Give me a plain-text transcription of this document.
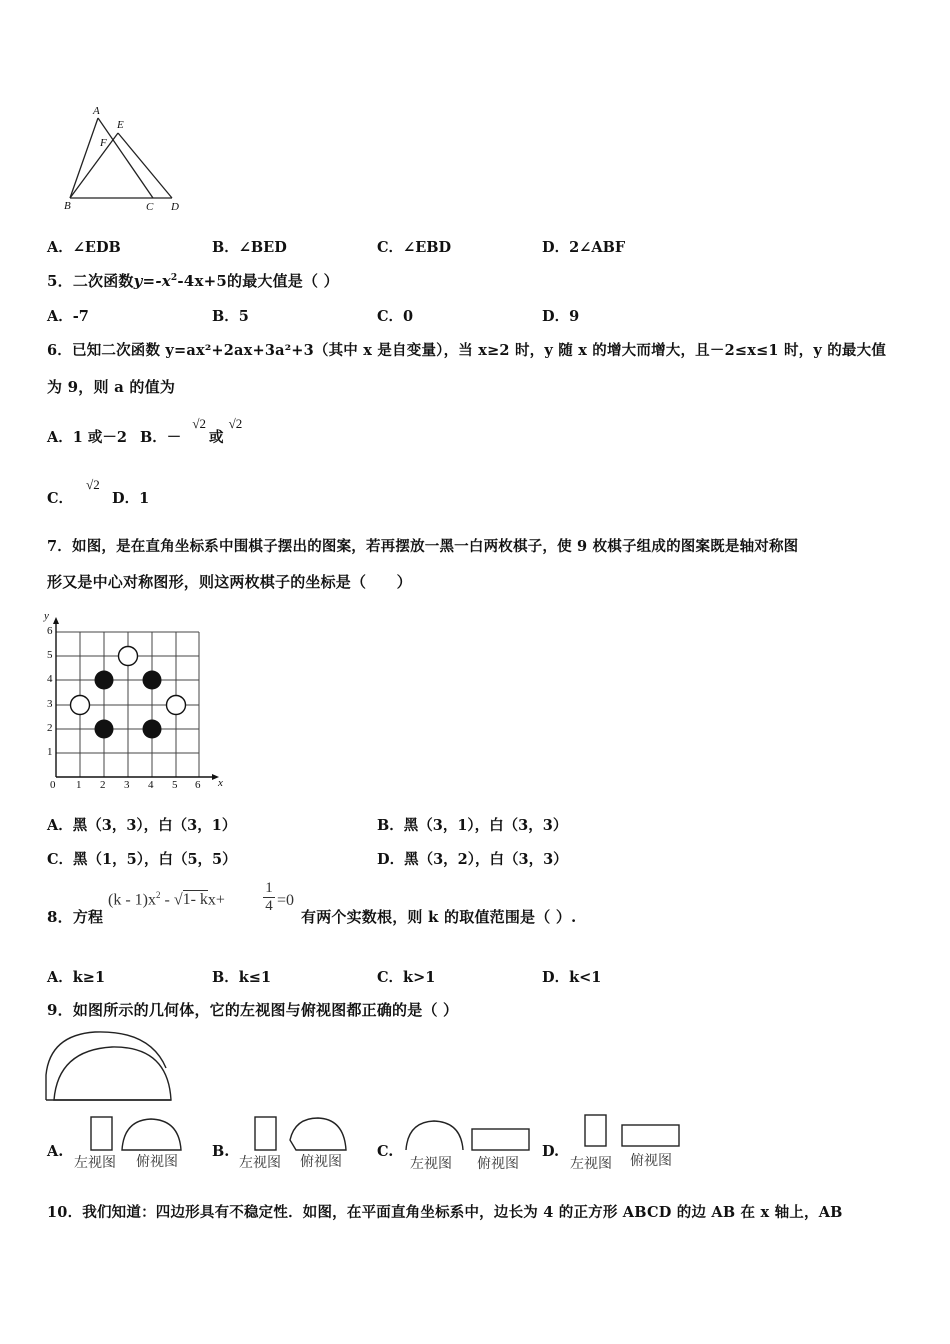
A
E
F
B	C D
A．∠EDB	B．∠BED	C．∠EBD	D．2∠ABF
5．二次函数$y=-x^2-4x+5$的最大值是（ ）
A．-7	B．5	C．0	D．9
6．已知二次函数 y=ax²+2ax+3a²+3（其中 x 是自变量），当 x≥2 时，y 随 x 的增大而增大，且－2≤x≤1 时，y 的最大值
为 9，则 a 的值为
A．1 或－2 B．－ √2 或 √2
C． √2
D．1
7．如图，是在直角坐标系中围棋子摆出的图案，若再摆放一黑一白两枚棋子，使 9 枚棋子组成的图案既是轴对称图
形又是中心对称图形，则这两枚棋子的坐标是（　　）
y
x
6
5
4
3
2
1
0 1 2 3 4 5 6
A．黑（3，3），白（3，1）	B．黑（3，1），白（3，3）
C．黑（1，5），白（5，5）	D．黑（3，2），白（3，3）
8．方程
$(k - 1)x^2 - √1-$ kx+	$\frac{1}{4} =0$
有两个实数根，则 k 的取值范围是（ ）.
A．k≥1	B．k≤1	C．k>1	D．k<1
9．如图所示的几何体，它的左视图与俯视图都正确的是（ ）
A.
左视图 俯视图
B.
左视图 俯视图
C.
左视图 俯视图
D.
左视图 俯视图
10．我们知道：四边形具有不稳定性．如图，在平面直角坐标系中，边长为 4 的正方形 ABCD 的边 AB 在 x 轴上，AB
